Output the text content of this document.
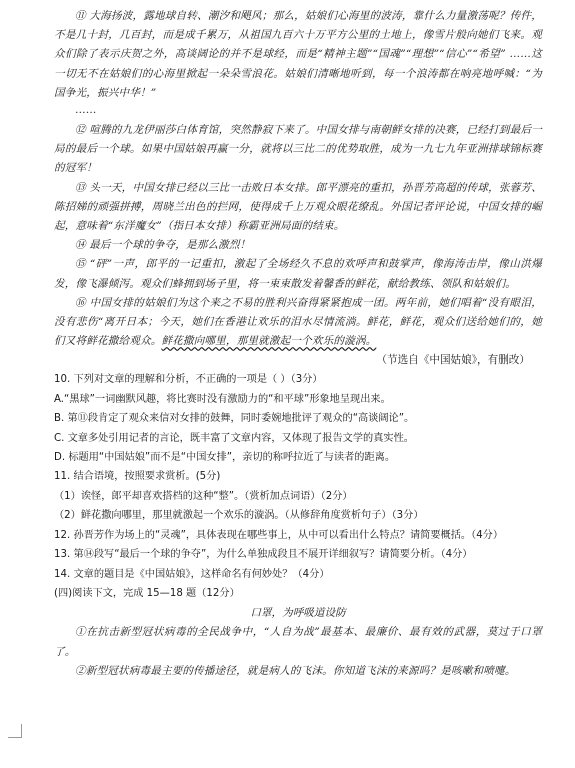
⑪ 大海扬波，露地球自转、潮汐和飓风；那么，姑娘们心海里的波涛，靠什么力量激荡呢？传件，不是几十封，几百封，而是成千累万，从祖国九百六十万平方公里的土地上，像雪片般向她们飞来。观众们除了表示庆贺之外，高谈阔论的并不是球经，而是“精神主题”“国魂”“理想”“信心”“希望” ……这一切无不在姑娘们的心海里掀起一朵朵雪浪花。姑娘们清晰地听到，每一个浪涛都在响亮地呼喊：“为国争光，振兴中华！”

……

⑫ 喧腾的九龙伊丽莎白体育馆，突然静寂下来了。中国女排与南朝鲜女排的决赛，已经打到最后一局的最后一个球。如果中国姑娘再赢一分，就将以三比二的优势取胜，成为一九七九年亚洲排球锦标赛的冠军！

⑬ 头一天，中国女排已经以三比一击败日本女排。郎平漂亮的重扣，孙晋芳高超的传球，张蓉芳、陈招娣的顽强拼搏，周晓兰出色的拦网，使得成千上万观众眼花缭乱。外国记者评论说，中国女排的崛起，意味着“东洋魔女”（指日本女排）称霸亚洲局面的结束。

⑭ 最后一个球的争夺，是那么激烈！

⑮ “砰”一声，郎平的一记重扣，激起了全场经久不息的欢呼声和鼓掌声，像海涛击岸，像山洪爆发，像飞瀑倾泻。观众们蜂拥到场子里，将一束束散发着馨香的鲜花，献给教练、领队和姑娘们。

⑯ 中国女排的姑娘们为这个来之不易的胜利兴奋得紧紧抱成一团。两年前，她们唱着“没有眼泪，没有悲伤“离开日本；今天，她们在香港让欢乐的泪水尽情流淌。鲜花，鲜花，观众们送给她们的，她们又将鲜花撒给观众。鲜花撒向哪里，那里就激起一个欢乐的漩涡。

（节选自《中国姑娘》，有删改）

10. 下列对文章的理解和分析，不正确的一项是（ ）（3分）

A.“黑球”一词幽默风趣，将比赛时没有激励力的“和平球”形象地呈现出来。

B. 第⑪段肯定了观众来信对女排的鼓舞，同时委婉地批评了观众的“高谈阔论”。

C. 文章多处引用记者的言论，既丰富了文章内容，又体现了报告文学的真实性。

D. 标题用“中国姑娘”而不是“中国女排”，亲切的称呼拉近了与读者的距离。

11. 结合语境，按照要求赏析。(5分)

（1）诶怪，郎平却喜欢搭档的这种“整”。（赏析加点词语）（2分）

（2）鲜花撒向哪里，那里就激起一个欢乐的漩涡。（从修辞角度赏析句子）（3分）

12. 孙晋芳作为场上的“灵魂”，具体表现在哪些事上，从中可以看出什么特点？请简要概括。（4分）

13. 第⑭段写“最后一个球的争夺”，为什么单独成段且不展开详细叙写？请简要分析。（4分）

14. 文章的题目是《中国姑娘》，这样命名有何妙处？（4分）

(四)阅读下文，完成 15—18 题（12分）

口罩，为呼吸道设防

①在抗击新型冠状病毒的全民战争中，“人自为战”最基本、最廉价、最有效的武器，莫过于口罩了。

②新型冠状病毒最主要的传播途径，就是病人的飞沫。你知道飞沫的来源吗？是咳嗽和喷嚏。
